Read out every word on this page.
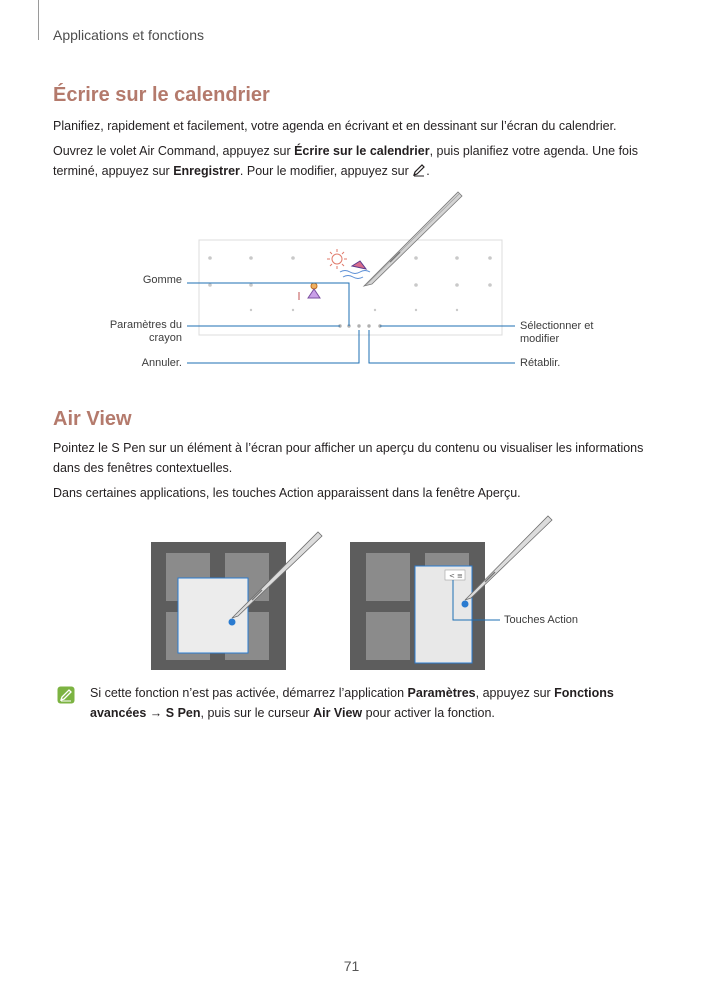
Applications et fonctions
Écrire sur le calendrier

Planifiez, rapidement et facilement, votre agenda en écrivant et en dessinant sur l’écran du calendrier.

Ouvrez le volet Air Command, appuyez sur Écrire sur le calendrier, puis planifiez votre agenda. Une fois terminé, appuyez sur Enregistrer. Pour le modifier, appuyez sur .

Gomme
Paramètres du
crayon
Annuler.
Sélectionner et
modifier
Rétablir.
Air View

Pointez le S Pen sur un élément à l’écran pour afficher un aperçu du contenu ou visualiser les informations dans des fenêtres contextuelles.

Dans certaines applications, les touches Action apparaissent dans la fenêtre Aperçu.

< ≡
Touches Action

Si cette fonction n’est pas activée, démarrez l’application Paramètres, appuyez sur Fonctions avancées → S Pen, puis sur le curseur Air View pour activer la fonction.

71
